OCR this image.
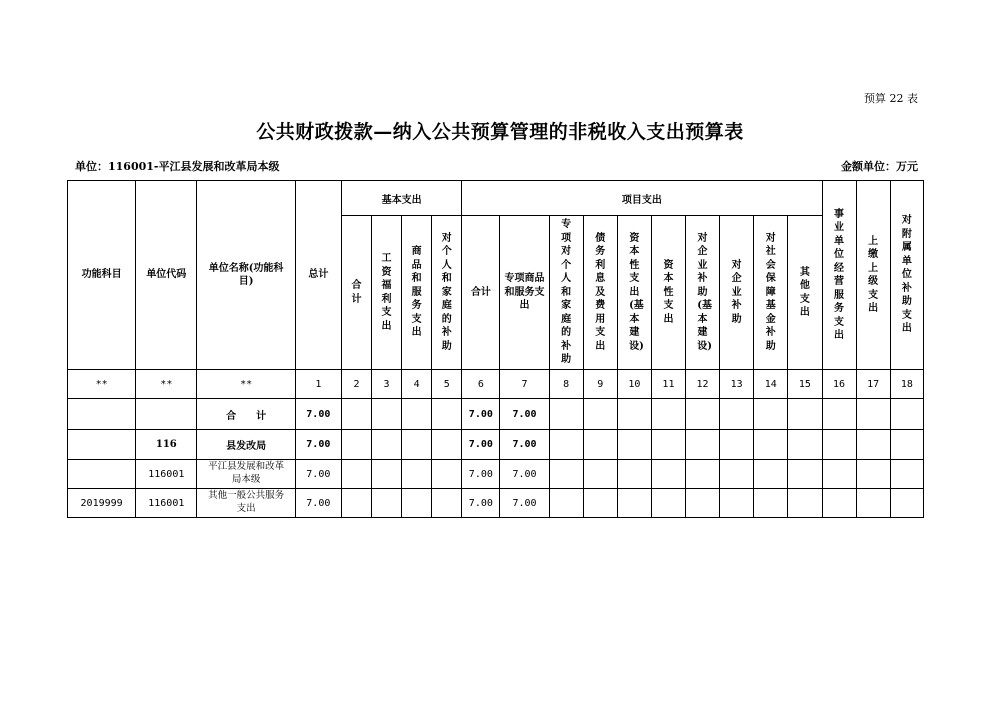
预算 22 表
公共财政拨款—纳入公共预算管理的非税收入支出预算表
单位：116001-平江县发展和改革局本级	金额单位：万元
功能科目	单位代码	单位名称(功能科目)	总计	基本支出				项目支出										事业单位经营服务支出	上缴上级支出	对附属单位补助支出
				合计	工资福利支出	商品和服务支出	对个人和家庭的补助	合计	专项商品和服务支出	专项对个人和家庭的补助	债务利息及费用支出	资本性支出(基本建设)	资本性支出	对企业补助(基本建设)	对企业补助	对社会保障基金补助	其他支出			
**	**	**	1	2	3	4	5	6	7	8	9	10	11	12	13	14	15	16	17	18
		合　　计	7.00					7.00	7.00											
	116	县发改局	7.00					7.00	7.00											
	116001	平江县发展和改革局本级	7.00					7.00	7.00											
2019999	116001	其他一般公共服务支出	7.00					7.00	7.00											
